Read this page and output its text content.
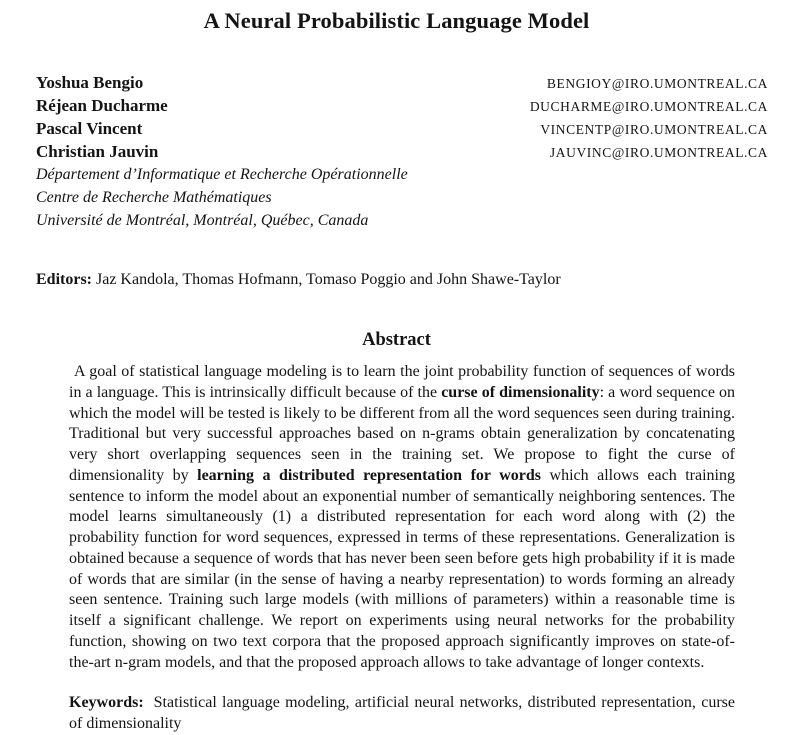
A Neural Probabilistic Language Model
Yoshua Bengio	BENGIOY@IRO.UMONTREAL.CA
Réjean Ducharme	DUCHARME@IRO.UMONTREAL.CA
Pascal Vincent	VINCENTP@IRO.UMONTREAL.CA
Christian Jauvin	JAUVINC@IRO.UMONTREAL.CA
Département d’Informatique et Recherche Opérationnelle
Centre de Recherche Mathématiques
Université de Montréal, Montréal, Québec, Canada
Editors: Jaz Kandola, Thomas Hofmann, Tomaso Poggio and John Shawe-Taylor
Abstract

A goal of statistical language modeling is to learn the joint probability function of sequences of words in a language. This is intrinsically difficult because of the curse of dimensionality: a word sequence on which the model will be tested is likely to be different from all the word sequences seen during training. Traditional but very successful approaches based on n-grams obtain generalization by concatenating very short overlapping sequences seen in the training set. We propose to fight the curse of dimensionality by learning a distributed representation for words which allows each training sentence to inform the model about an exponential number of semantically neighboring sentences. The model learns simultaneously (1) a distributed representation for each word along with (2) the probability function for word sequences, expressed in terms of these representations. Generalization is obtained because a sequence of words that has never been seen before gets high probability if it is made of words that are similar (in the sense of having a nearby representation) to words forming an already seen sentence. Training such large models (with millions of parameters) within a reasonable time is itself a significant challenge. We report on experiments using neural networks for the probability function, showing on two text corpora that the proposed approach significantly improves on state-of-the-art n-gram models, and that the proposed approach allows to take advantage of longer contexts.

Keywords: Statistical language modeling, artificial neural networks, distributed representation, curse of dimensionality
